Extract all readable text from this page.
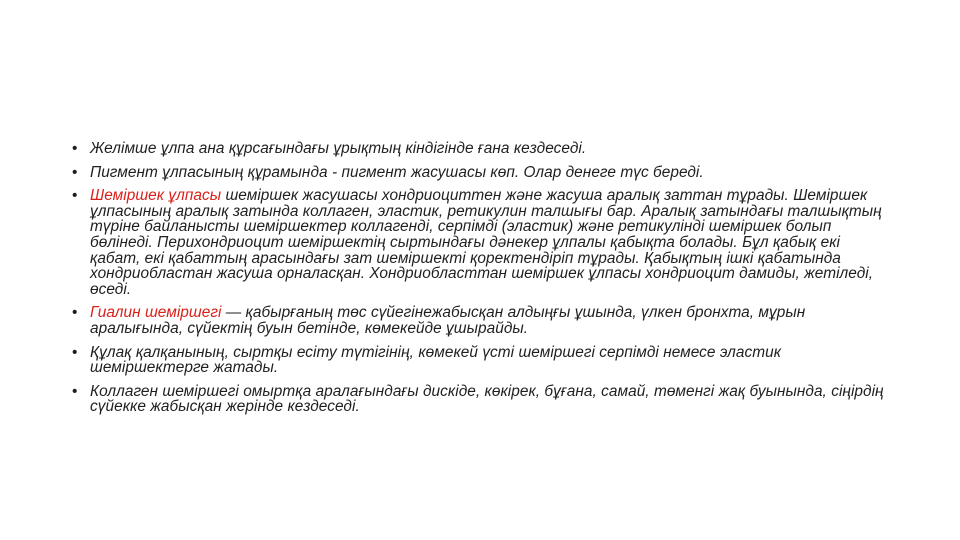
• Желімше ұлпа ана құрсағындағы ұрықтың кіндігінде ғана кездеседі.
• Пигмент ұлпасының құрамында - пигмент жасушасы көп. Олар денеге түс береді.
• Шеміршек ұлпасы шеміршек жасушасы хондриоциттен және жасуша аралық заттан тұрады. Шеміршек ұлпасының аралық затында коллаген, эластик, ретикулин талшығы бар. Аралық затындағы талшықтың түріне байланысты шеміршектер коллагенді, серпімді (эластик) және ретикулінді шеміршек болып бөлінеді. Перихондриоцит шеміршектің сыртындағы дәнекер ұлпалы қабықта болады. Бұл қабық екі қабат, екі қабаттың арасындағы зат шеміршекті қоректендіріп тұрады. Қабықтың ішкі қабатында хондриобластан жасуша орналасқан. Хондриобласттан шеміршек ұлпасы хондриоцит дамиды, жетіледі, өседі.
• Гиалин шеміршегі — қабырғаның төс сүйегінежабысқан алдыңғы ұшында, үлкен бронхта, мұрын аралығында, сүйектің буын бетінде, көмекейде ұшырайды.
• Құлақ қалқанының, сыртқы есіту түтігінің, көмекей үсті шеміршегі серпімді немесе эластик шеміршектерге жатады.
• Коллаген шеміршегі омыртқа аралағындағы дискіде, көкірек, бұғана, самай, төменгі жақ буынында, сіңірдің сүйекке жабысқан жерінде кездеседі.
